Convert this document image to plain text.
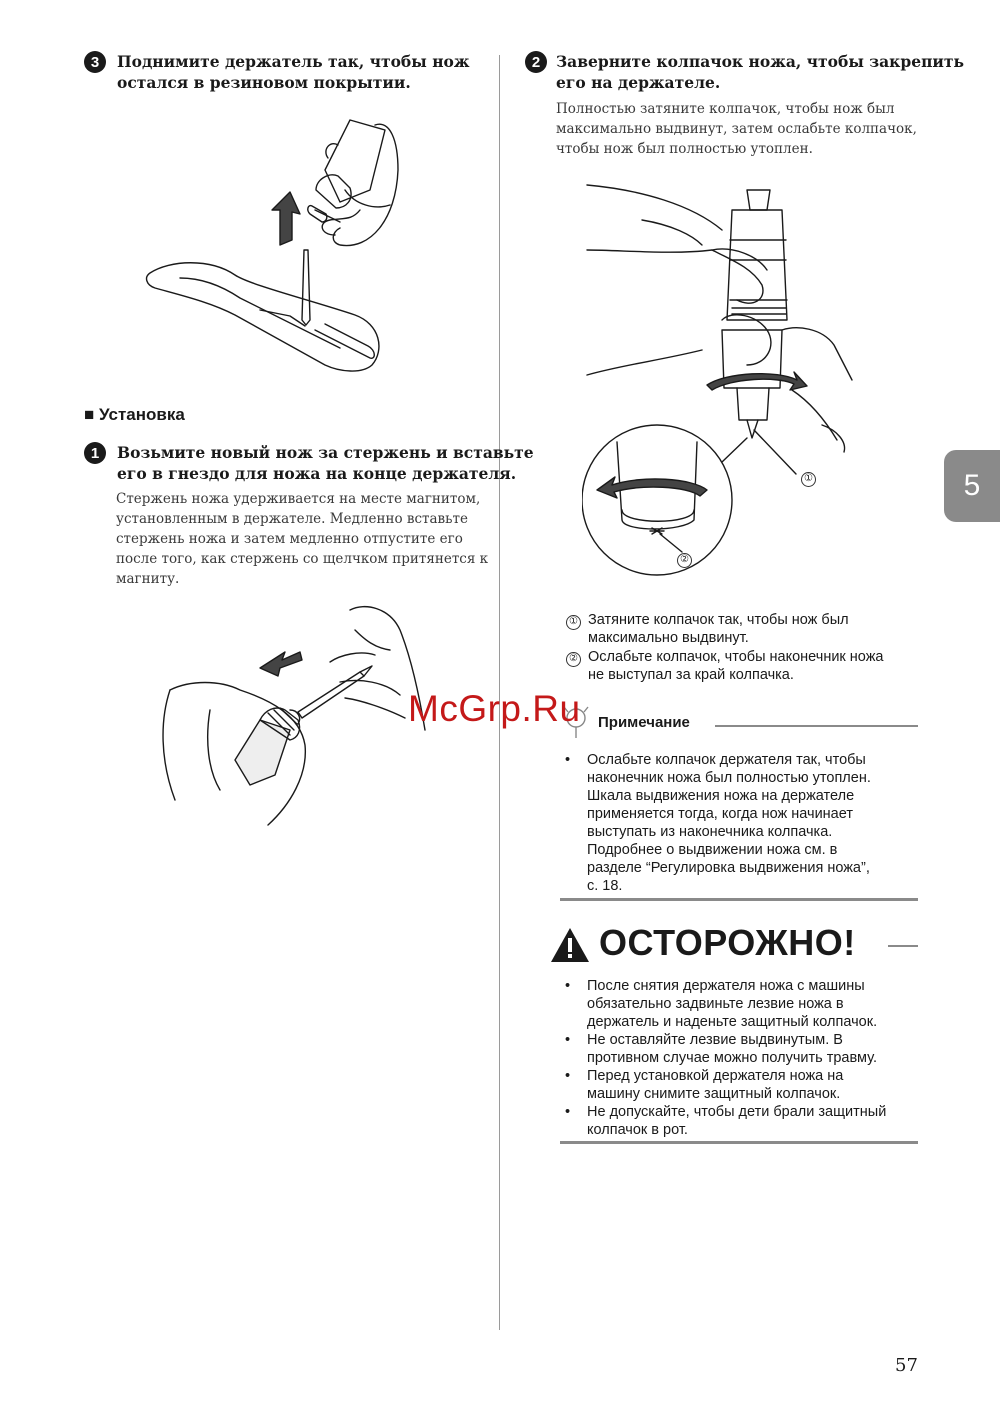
3	Поднимите держатель так, чтобы нож
остался в резиновом покрытии.
■ Установка
1	Возьмите новый нож за стержень и вставьте
его в гнездо для ножа на конце держателя.
Стержень ножа удерживается на месте магнитом,
установленным в держателе. Медленно вставьте
стержень ножа и затем медленно отпустите его
после того, как стержень со щелчком притянется к
магниту.
2	Заверните колпачок ножа, чтобы закрепить
его на держателе.
Полностью затяните колпачок, чтобы нож был
максимально выдвинут, затем ослабьте колпачок,
чтобы нож был полностью утоплен.
①
②
① Затяните колпачок так, чтобы нож был
максимально выдвинут.
② Ослабьте колпачок, чтобы наконечник ножа
не выступал за край колпачка.
Примечание
• Ослабьте колпачок держателя так, чтобы
наконечник ножа был полностью утоплен.
Шкала выдвижения ножа на держателе
применяется тогда, когда нож начинает
выступать из наконечника колпачка.
Подробнее о выдвижении ножа см. в
разделе “Регулировка выдвижения ножа”,
с. 18.
ОСТОРОЖНО!
• После снятия держателя ножа с машины
обязательно задвиньте лезвие ножа в
держатель и наденьте защитный колпачок.
• Не оставляйте лезвие выдвинутым. В
противном случае можно получить травму.
• Перед установкой держателя ножа на
машину снимите защитный колпачок.
• Не допускайте, чтобы дети брали защитный
колпачок в рот.
5
McGrp.Ru
57
